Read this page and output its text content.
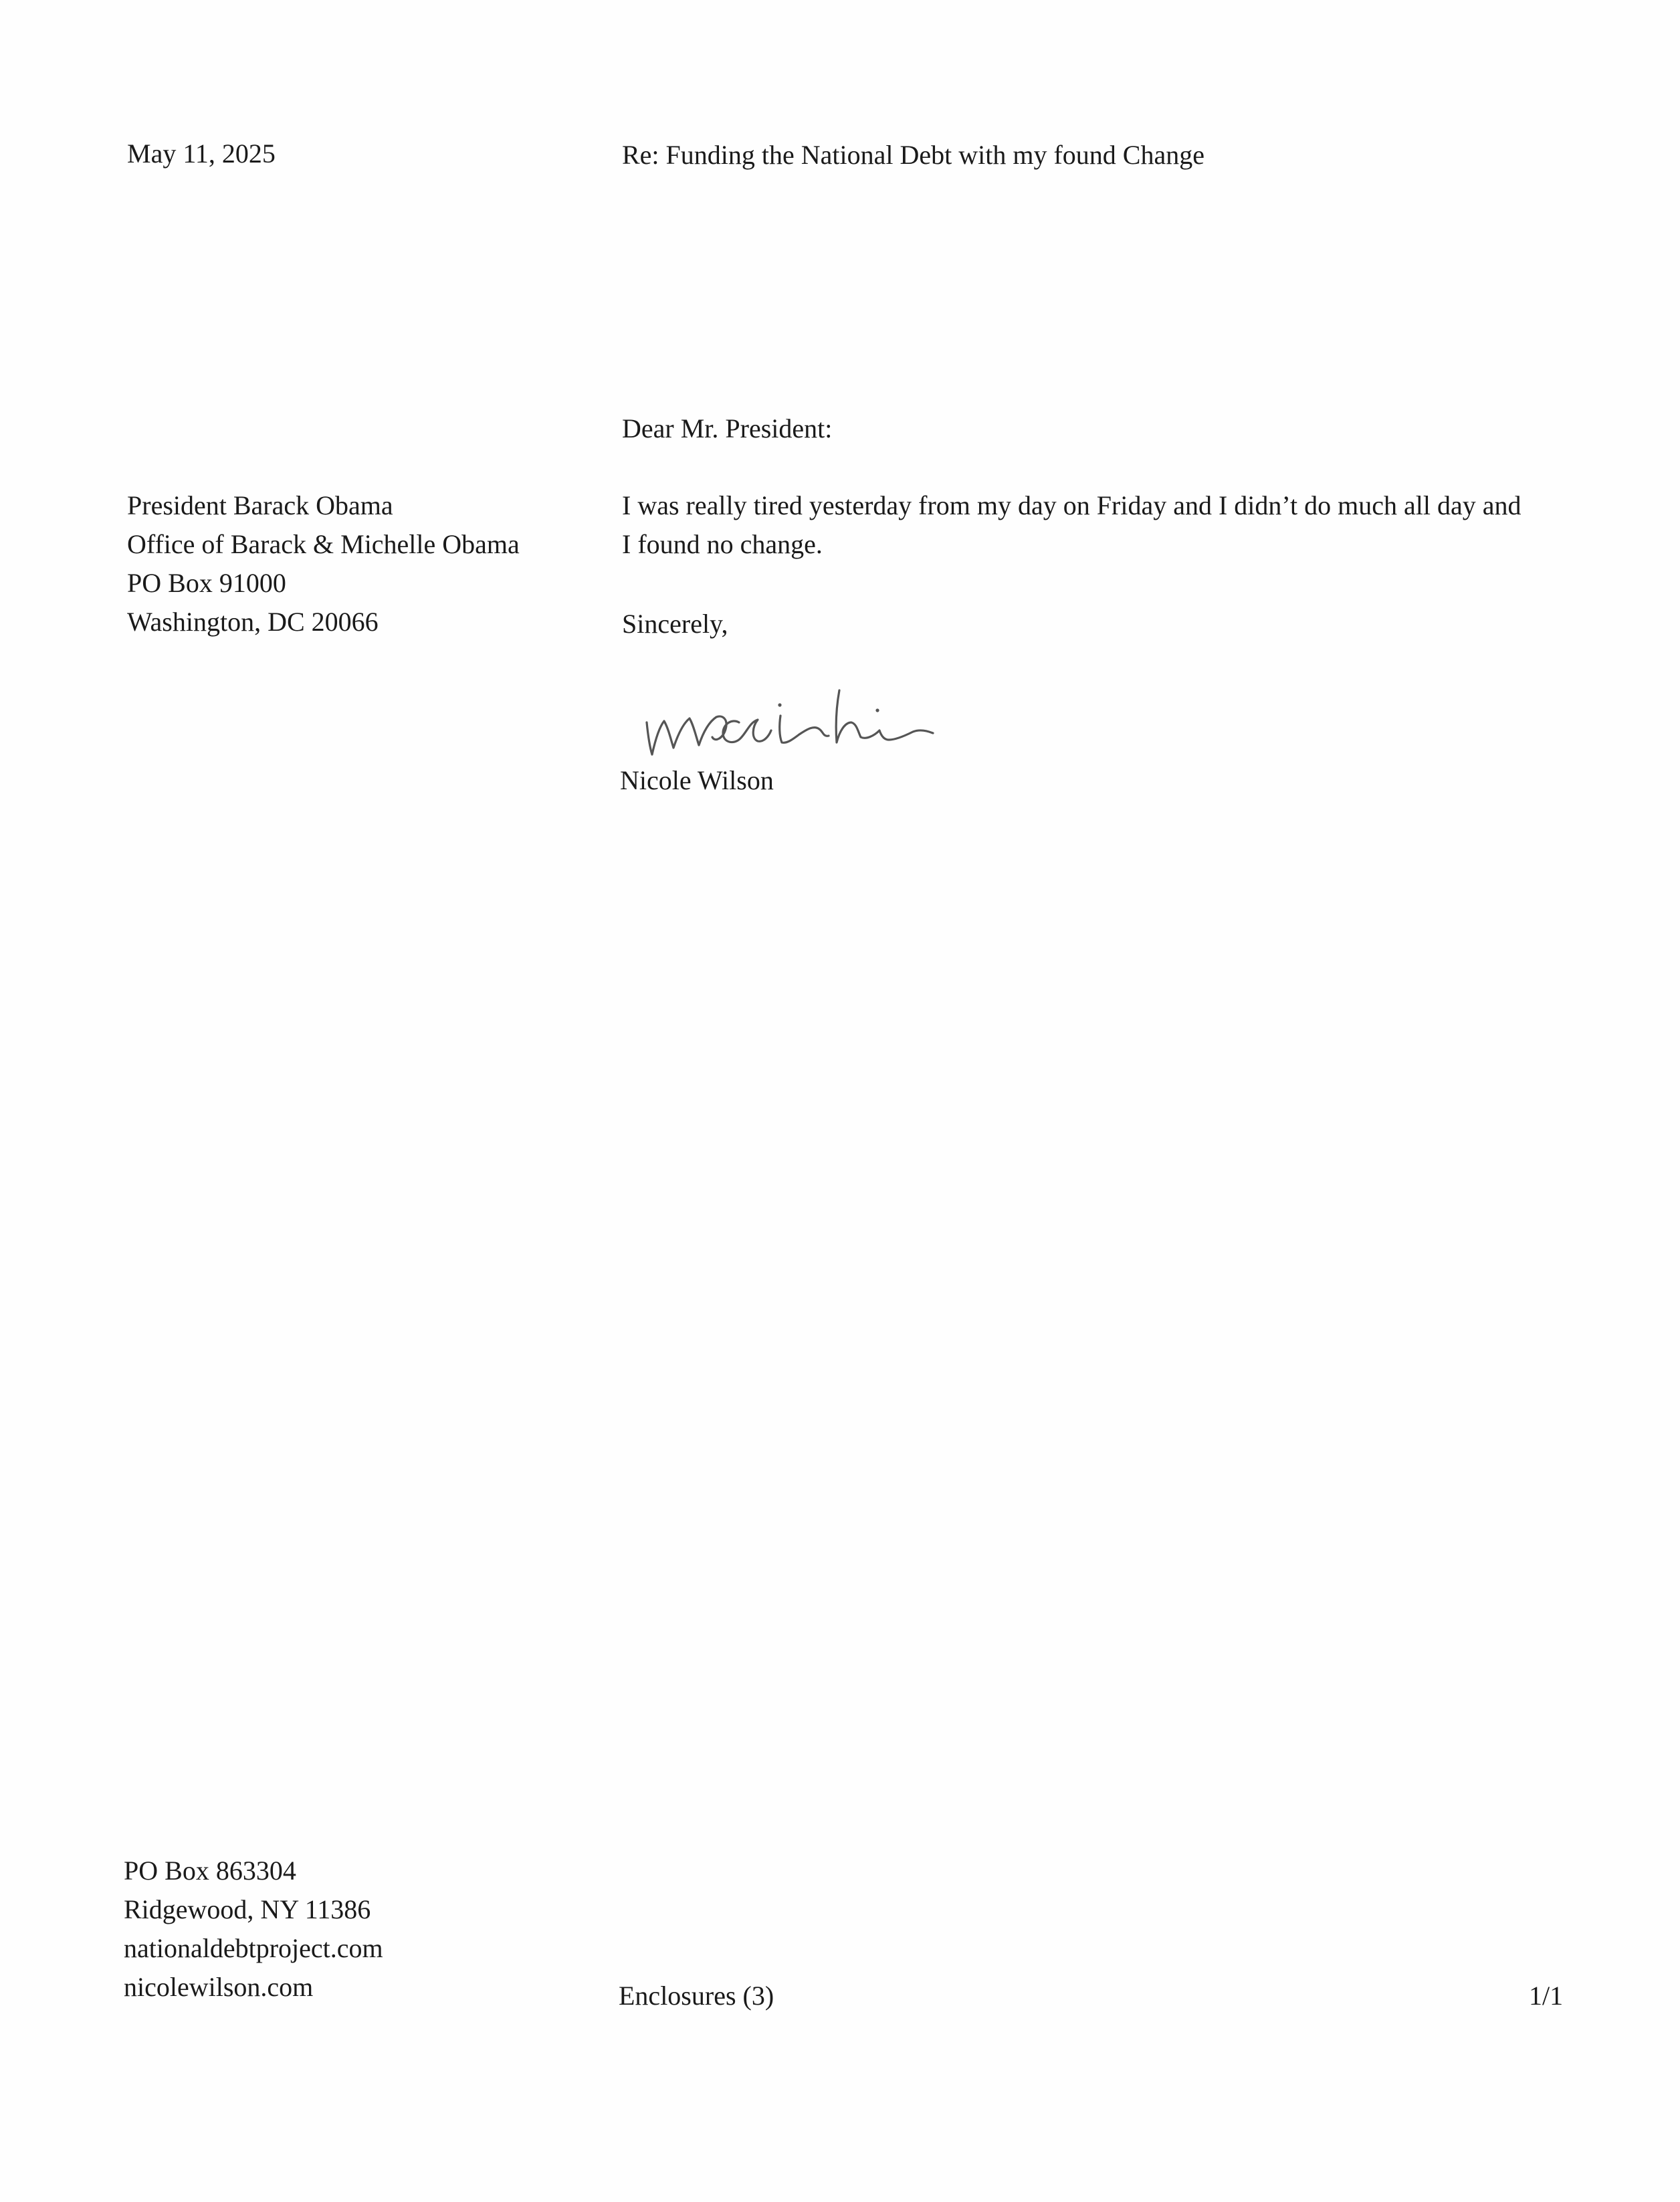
May 11, 2025	Re: Funding the National Debt with my found Change

Dear Mr. President:

President Barack Obama
Office of Barack & Michelle Obama
PO Box 91000
Washington, DC 20066
I was really tired yesterday from my day on Friday and I didn’t do much all day and
I found no change.

Sincerely,

Nicole Wilson

PO Box 863304
Ridgewood, NY 11386
nationaldebtproject.com
nicolewilson.com	Enclosures (3)	1/1
